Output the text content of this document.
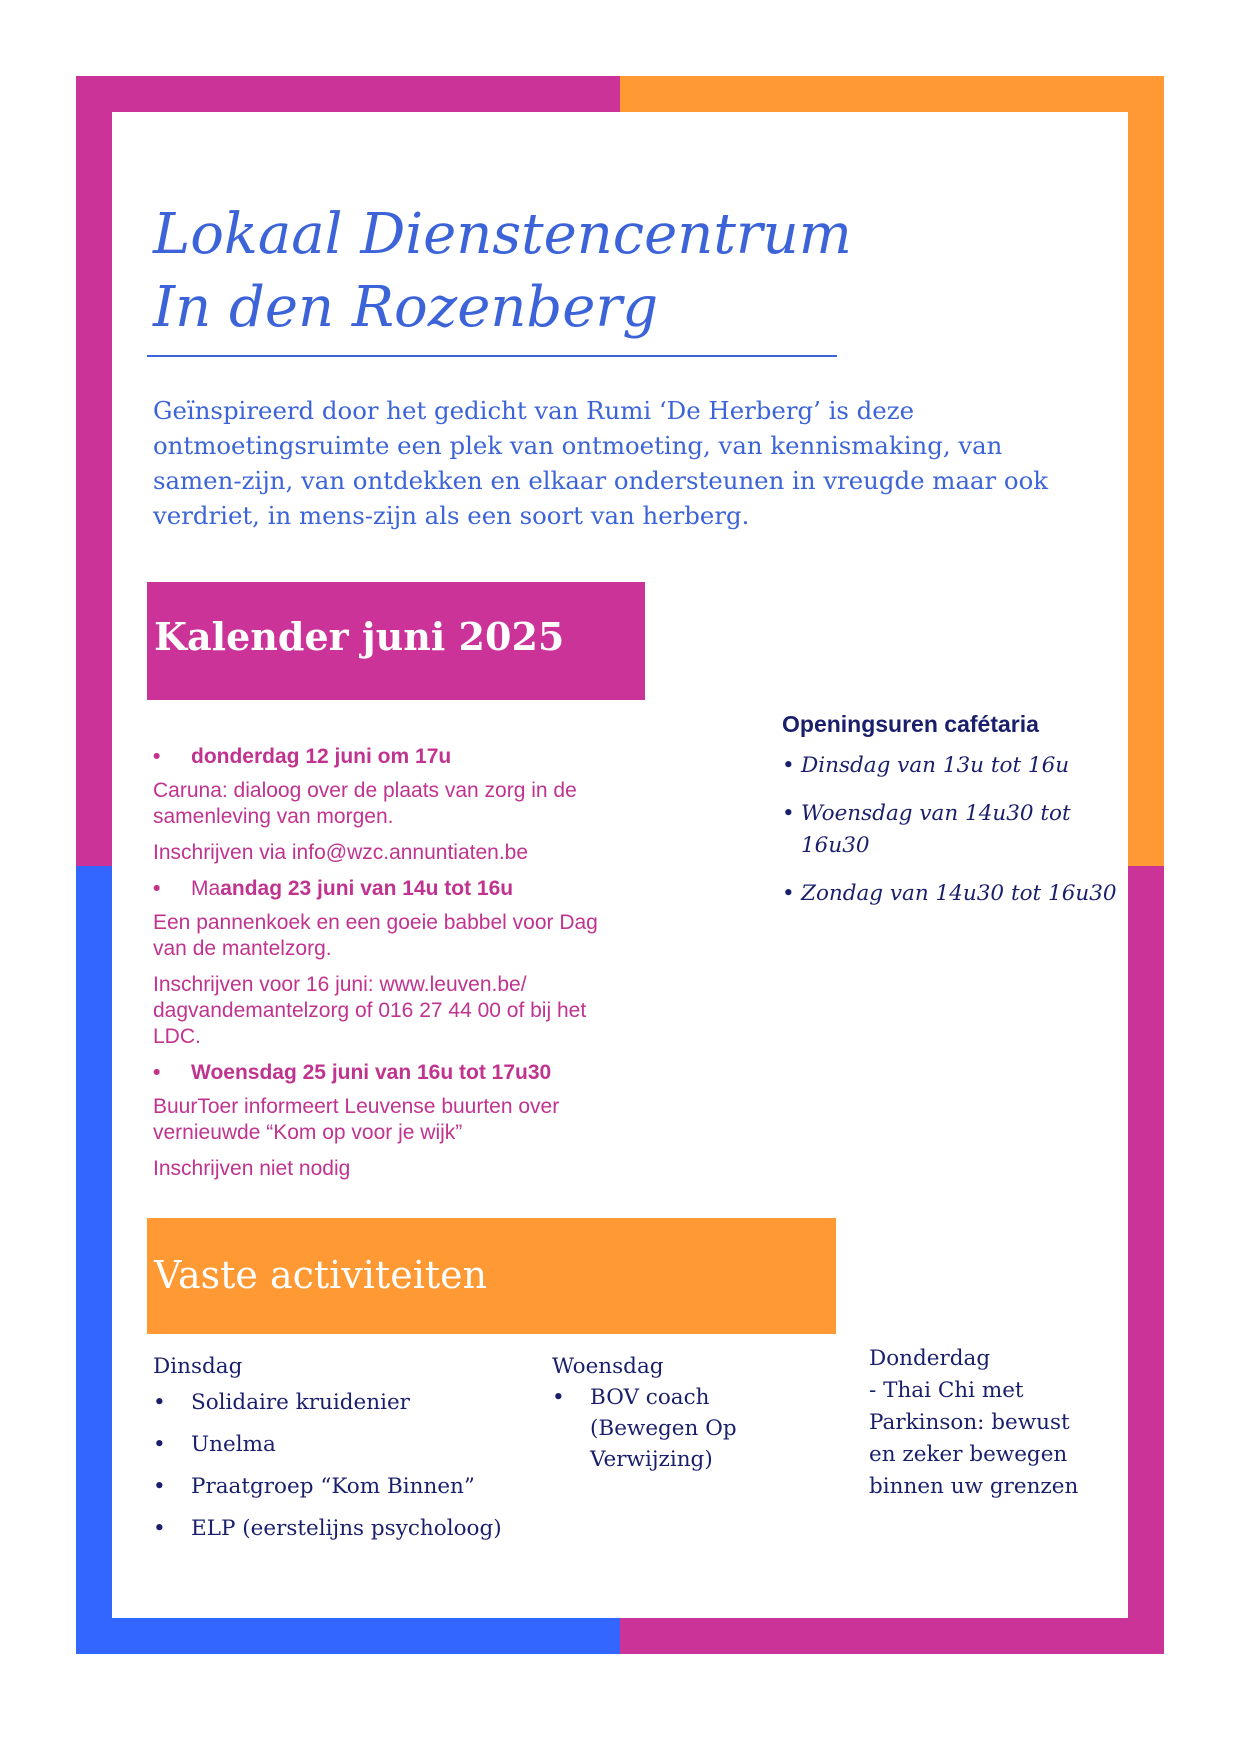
Lokaal Dienstencentrum
In den Rozenberg

Geïnspireerd door het gedicht van Rumi ‘De Herberg’ is deze ontmoetingsruimte een plek van ontmoeting, van kennismaking, van samen-zijn, van ontdekken en elkaar ondersteunen in vreugde maar ook verdriet, in mens-zijn als een soort van herberg.

Kalender juni 2025
• donderdag 12 juni om 17u
Caruna: dialoog over de plaats van zorg in de samenleving van morgen.
Inschrijven via info@wzc.annuntiaten.be
• Maandag 23 juni van 14u tot 16u
Een pannenkoek en een goeie babbel voor Dag van de mantelzorg.
Inschrijven voor 16 juni: www.leuven.be/ dagvandemantelzorg of 016 27 44 00 of bij het LDC.
• Woensdag 25 juni van 16u tot 17u30
BuurToer informeert Leuvense buurten over vernieuwde “Kom op voor je wijk”
Inschrijven niet nodig
Openingsuren cafétaria
• Dinsdag van 13u tot 16u
• Woensdag van 14u30 tot 16u30
• Zondag van 14u30 tot 16u30
Vaste activiteiten
Dinsdag
• Solidaire kruidenier
• Unelma
• Praatgroep “Kom Binnen”
• ELP (eerstelijns psycholoog)
Woensdag
• BOV coach (Bewegen Op Verwijzing)
Donderdag
- Thai Chi met
Parkinson: bewust
en zeker bewegen
binnen uw grenzen
